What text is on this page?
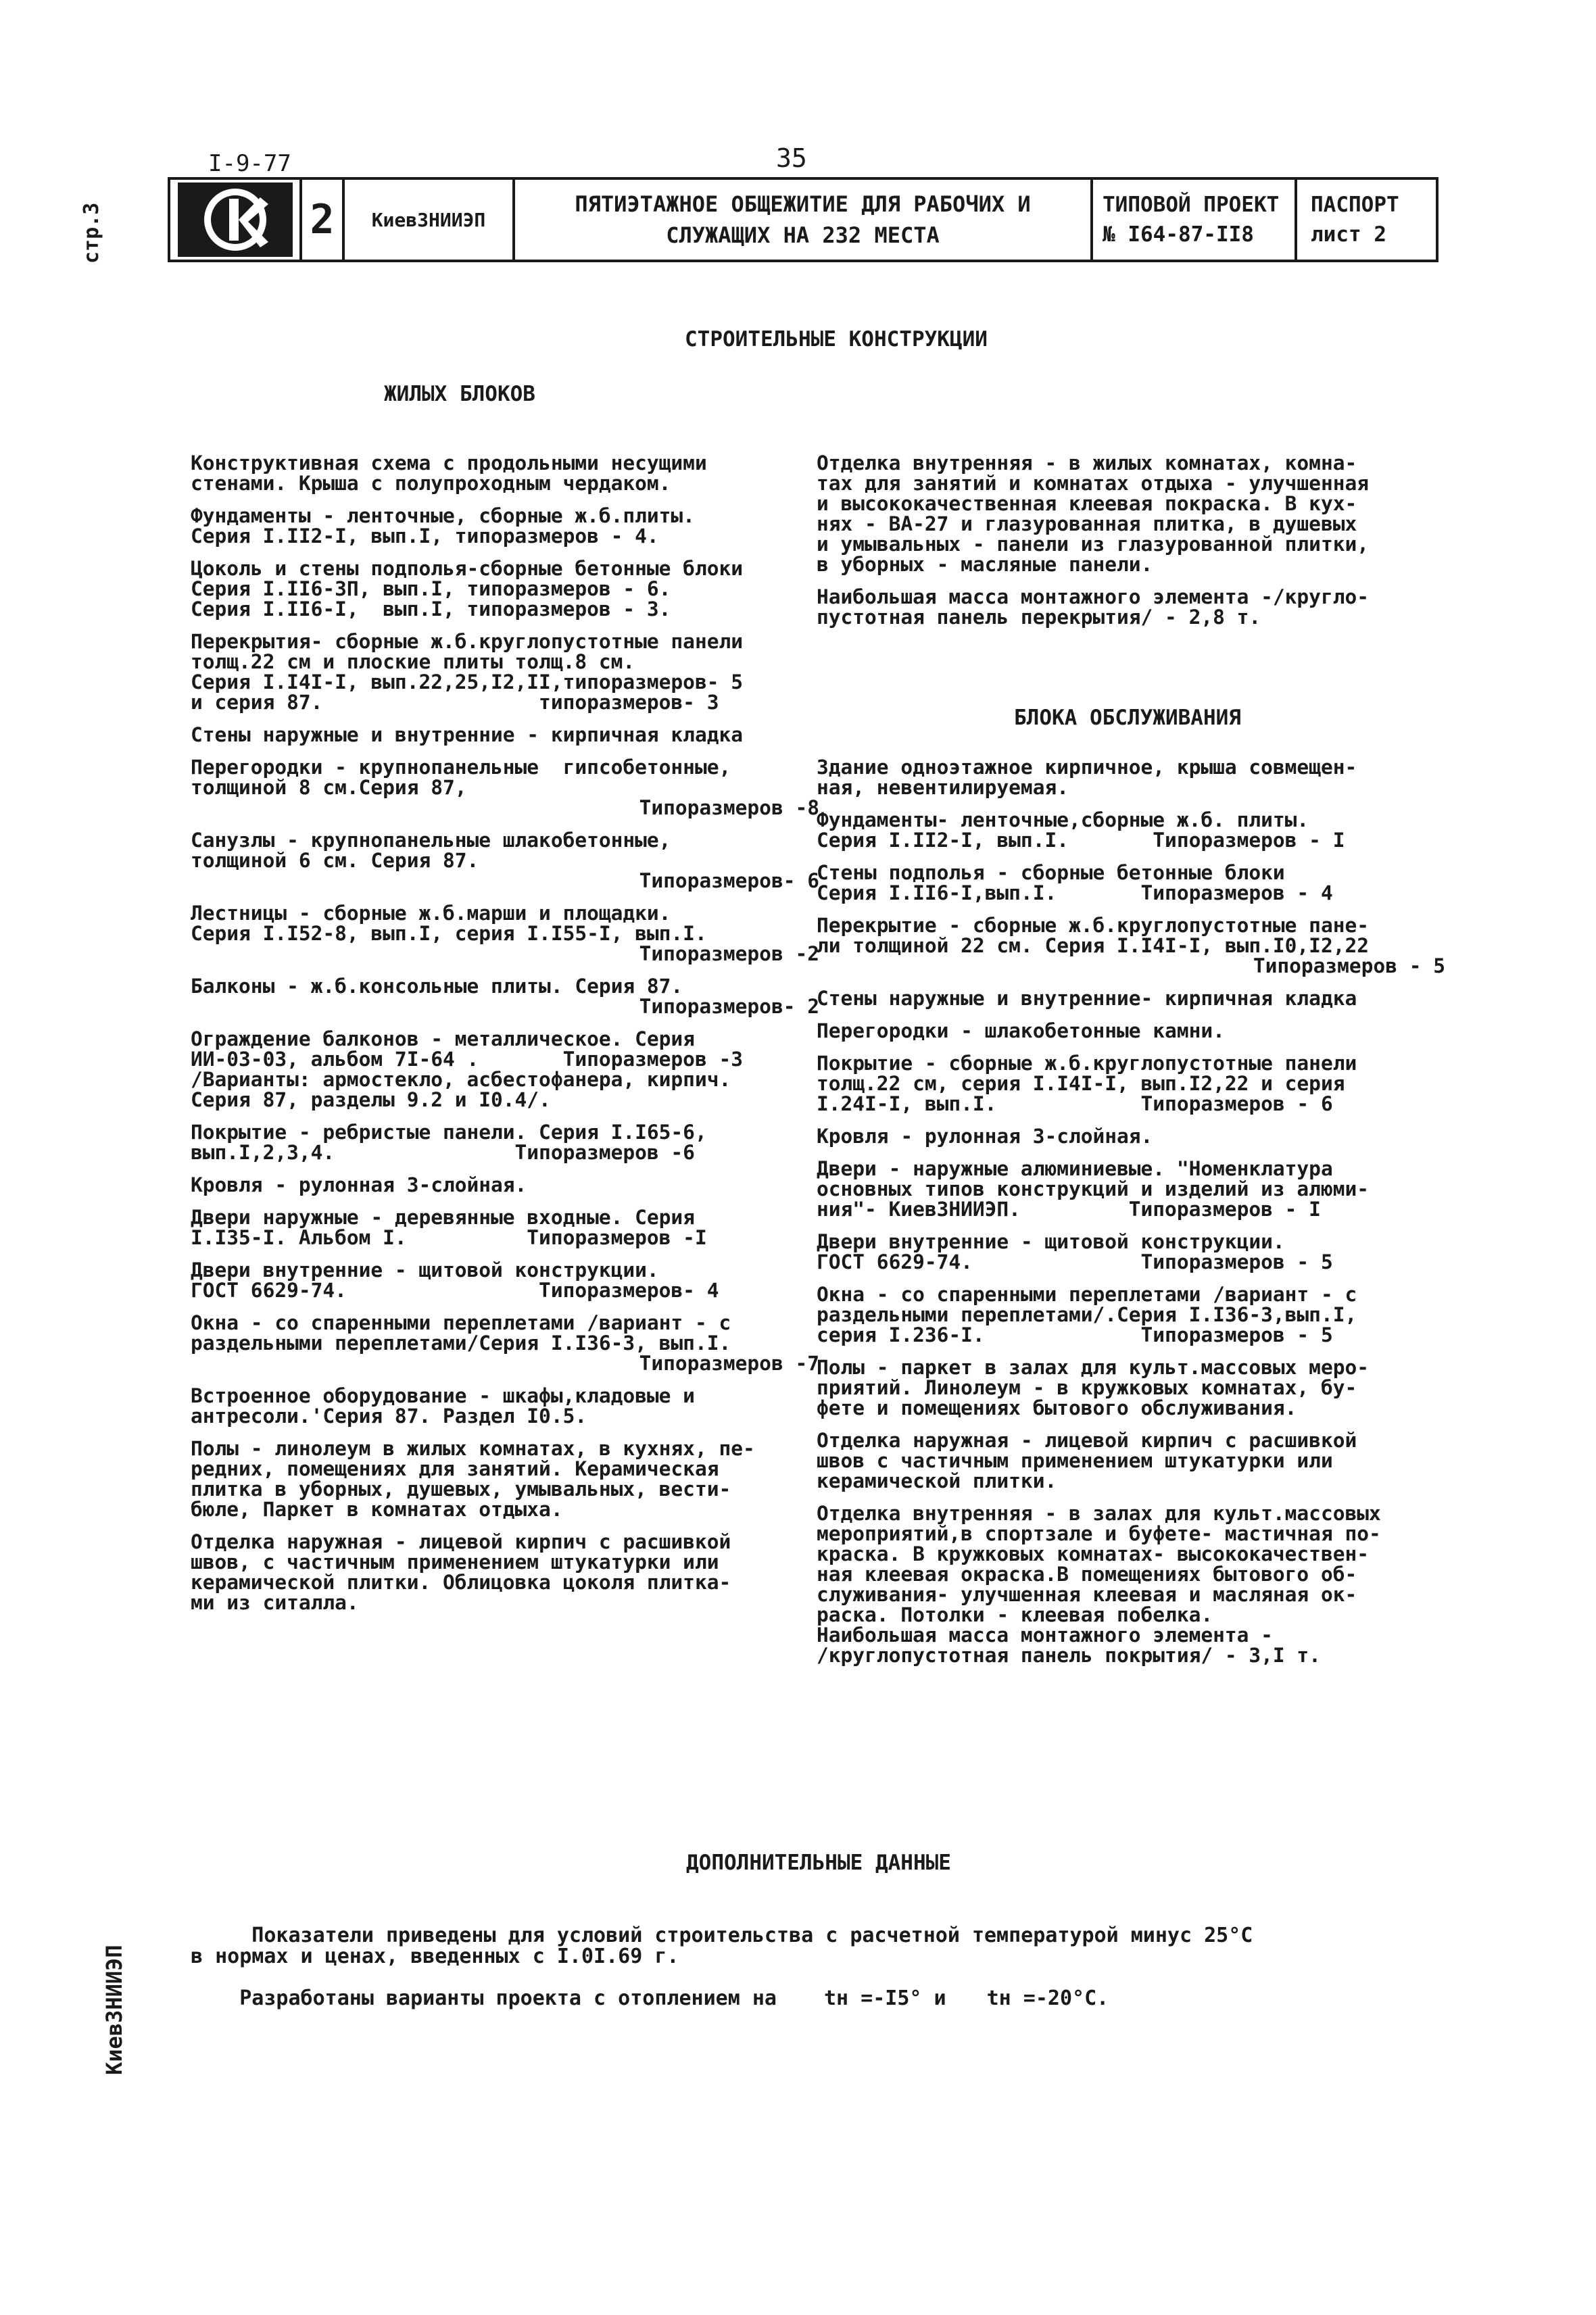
стр.3
КиевЗНИИЭП
I-9-77	35
2	КиевЗНИИЭП
ПЯТИЭТАЖНОЕ ОБЩЕЖИТИЕ ДЛЯ РАБОЧИХ И
СЛУЖАЩИХ НА 232 МЕСТА
ТИПОВОЙ ПРОЕКТ
№ I64-87-II8
ПАСПОРТ
лист 2
СТРОИТЕЛЬНЫЕ КОНСТРУКЦИИ
ЖИЛЫХ БЛОКОВ
Конструктивная схема с продольными несущими
стенами. Крыша с полупроходным чердаком.
Фундаменты - ленточные, сборные ж.б.плиты.
Серия I.II2-I, вып.I, типоразмеров - 4.
Цоколь и стены подполья-сборные бетонные блоки
Серия I.II6-3П, вып.I, типоразмеров - 6.
Серия I.II6-I,  вып.I, типоразмеров - 3.
Перекрытия- сборные ж.б.круглопустотные панели
толщ.22 см и плоские плиты толщ.8 см.
Серия I.I4I-I, вып.22,25,I2,II,типоразмеров- 5
и серия 87.                  типоразмеров- 3
Стены наружные и внутренние - кирпичная кладка
Перегородки - крупнопанельные  гипсобетонные,
толщиной 8 см.Серия 87,
Типоразмеров -8
Санузлы - крупнопанельные шлакобетонные,
толщиной 6 см. Серия 87.
Типоразмеров- 6
Лестницы - сборные ж.б.марши и площадки.
Серия I.I52-8, вып.I, серия I.I55-I, вып.I.
Типоразмеров -2
Балконы - ж.б.консольные плиты. Серия 87.
Типоразмеров- 2
Ограждение балконов - металлическое. Серия
ИИ-03-03, альбом 7I-64 .       Типоразмеров -3
/Варианты: армостекло, асбестофанера, кирпич.
Серия 87, разделы 9.2 и I0.4/.
Покрытие - ребристые панели. Серия I.I65-6,
вып.I,2,3,4.               Типоразмеров -6
Кровля - рулонная 3-слойная.
Двери наружные - деревянные входные. Серия
I.I35-I. Альбом I.          Типоразмеров -I
Двери внутренние - щитовой конструкции.
ГОСТ 6629-74.                Типоразмеров- 4
Окна - со спаренными переплетами /вариант - с
раздельными переплетами/Серия I.I36-3, вып.I.
Типоразмеров -7
Встроенное оборудование - шкафы,кладовые и
антресоли.'Серия 87. Раздел I0.5.
Полы - линолеум в жилых комнатах, в кухнях, пе-
редних, помещениях для занятий. Керамическая
плитка в уборных, душевых, умывальных, вести-
бюле, Паркет в комнатах отдыха.
Отделка наружная - лицевой кирпич с расшивкой
швов, с частичным применением штукатурки или
керамической плитки. Облицовка цоколя плитка-
ми из ситалла.
Отделка внутренняя - в жилых комнатах, комна-
тах для занятий и комнатах отдыха - улучшенная
и высококачественная клеевая покраска. В кух-
нях - ВА-27 и глазурованная плитка, в душевых
и умывальных - панели из глазурованной плитки,
в уборных - масляные панели.
Наибольшая масса монтажного элемента -/кругло-
пустотная панель перекрытия/ - 2,8 т.
БЛОКА ОБСЛУЖИВАНИЯ
Здание одноэтажное кирпичное, крыша совмещен-
ная, невентилируемая.
Фундаменты- ленточные,сборные ж.б. плиты.
Серия I.II2-I, вып.I.       Типоразмеров - I
Стены подполья - сборные бетонные блоки
Серия I.II6-I,вып.I.       Типоразмеров - 4
Перекрытие - сборные ж.б.круглопустотные пане-
ли толщиной 22 см. Серия I.I4I-I, вып.I0,I2,22
Типоразмеров - 5
Стены наружные и внутренние- кирпичная кладка
Перегородки - шлакобетонные камни.
Покрытие - сборные ж.б.круглопустотные панели
толщ.22 см, серия I.I4I-I, вып.I2,22 и серия
I.24I-I, вып.I.            Типоразмеров - 6
Кровля - рулонная 3-слойная.
Двери - наружные алюминиевые. "Номенклатура
основных типов конструкций и изделий из алюми-
ния"- КиевЗНИИЭП.         Типоразмеров - I
Двери внутренние - щитовой конструкции.
ГОСТ 6629-74.              Типоразмеров - 5
Окна - со спаренными переплетами /вариант - с
раздельными переплетами/.Серия I.I36-3,вып.I,
серия I.236-I.             Типоразмеров - 5
Полы - паркет в залах для культ.массовых меро-
приятий. Линолеум - в кружковых комнатах, бу-
фете и помещениях бытового обслуживания.
Отделка наружная - лицевой кирпич с расшивкой
швов с частичным применением штукатурки или
керамической плитки.
Отделка внутренняя - в залах для культ.массовых
мероприятий,в спортзале и буфете- мастичная по-
краска. В кружковых комнатах- высококачествен-
ная клеевая окраска.В помещениях бытового об-
служивания- улучшенная клеевая и масляная ок-
раска. Потолки - клеевая побелка.
Наибольшая масса монтажного элемента -
/круглопустотная панель покрытия/ - 3,I т.
ДОПОЛНИТЕЛЬНЫЕ ДАННЫЕ
Показатели приведены для условий строительства с расчетной температурой минус 25°С
в нормах и ценах, введенных с I.0I.69 г.

Разработаны варианты проекта с отоплением на tн =-I5° и tн =-20°С.
